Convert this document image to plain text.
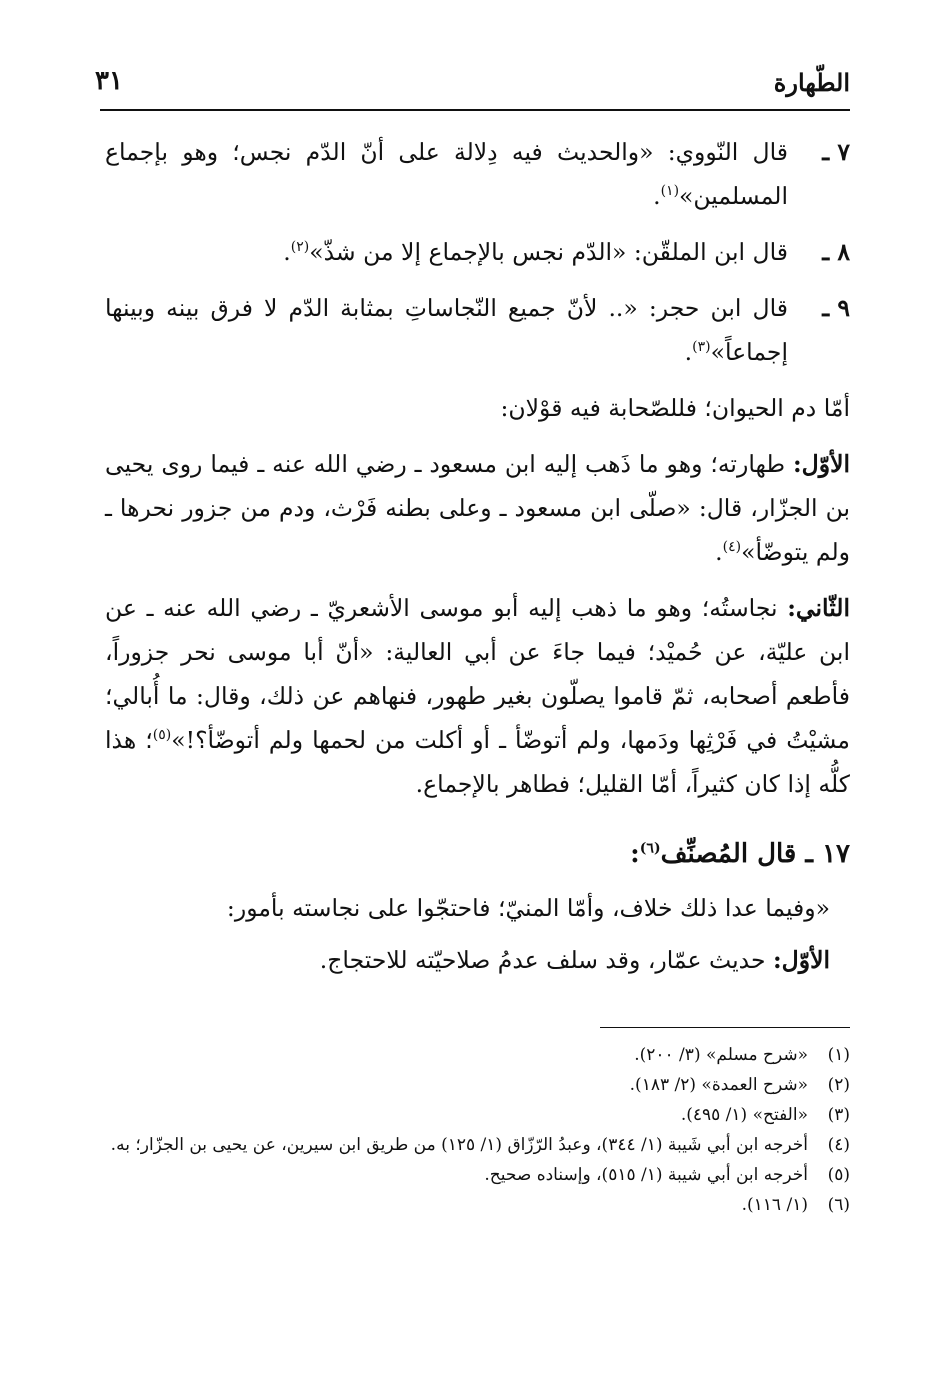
الطّهارة
٣١
٧ ـ
قال النّووي: «والحديث فيه دِلالة على أنّ الدّم نجس؛ وهو بإجماع المسلمين»$^{(١)}$.
٨ ـ
قال ابن الملقّن: «الدّم نجس بالإجماع إلا من شذّ»$^{(٢)}$.
٩ ـ
قال ابن حجر: «.. لأنّ جميع النّجاساتِ بمثابة الدّم لا فرق بينه وبينها إجماعاً»$^{(٣)}$.

أمّا دم الحيوان؛ فللصّحابة فيه قوْلان:

الأوّل: طهارته؛ وهو ما ذَهب إليه ابن مسعود ـ رضي الله عنه ـ فيما روى يحيى بن الجزّار، قال: «صلّى ابن مسعود ـ وعلى بطنه فَرْث، ودم من جزور نحرها ـ ولم يتوضّأ»$^{(٤)}$.

الثّاني: نجاستُه؛ وهو ما ذهب إليه أبو موسى الأشعريّ ـ رضي الله عنه ـ عن ابن عليّة، عن حُميْد؛ فيما جاءَ عن أبي العالية: «أنّ أبا موسى نحر جزوراً، فأطعم أصحابه، ثمّ قاموا يصلّون بغير طهور، فنهاهم عن ذلك، وقال: ما أُبالي؛ مشيْتُ في فَرْثِها ودَمها، ولم أتوضّأ ـ أو أكلت من لحمها ولم أتوضّأ؟!»$^{(٥)}$؛ هذا كلُّه إذا كان كثيراً، أمّا القليل؛ فطاهر بالإجماع.

١٧ ـ قال المُصنِّف$^{(٦)}$:

«وفيما عدا ذلك خلاف، وأمّا المنيّ؛ فاحتجّوا على نجاسته بأمور:

الأوّل: حديث عمّار، وقد سلف عدمُ صلاحيّته للاحتجاج.

(١)
«شرح مسلم» (٣/ ٢٠٠).
(٢)
«شرح العمدة» (٢/ ١٨٣).
(٣)
«الفتح» (١/ ٤٩٥).
(٤)
أخرجه ابن أبي شَيبة (١/ ٣٤٤)، وعبدُ الرّزّاق (١/ ١٢٥) من طريق ابن سيرين، عن يحيى بن الجزّار؛ به.
(٥)
أخرجه ابن أبي شيبة (١/ ٥١٥)، وإسناده صحيح.
(٦)
(١/ ١١٦).
